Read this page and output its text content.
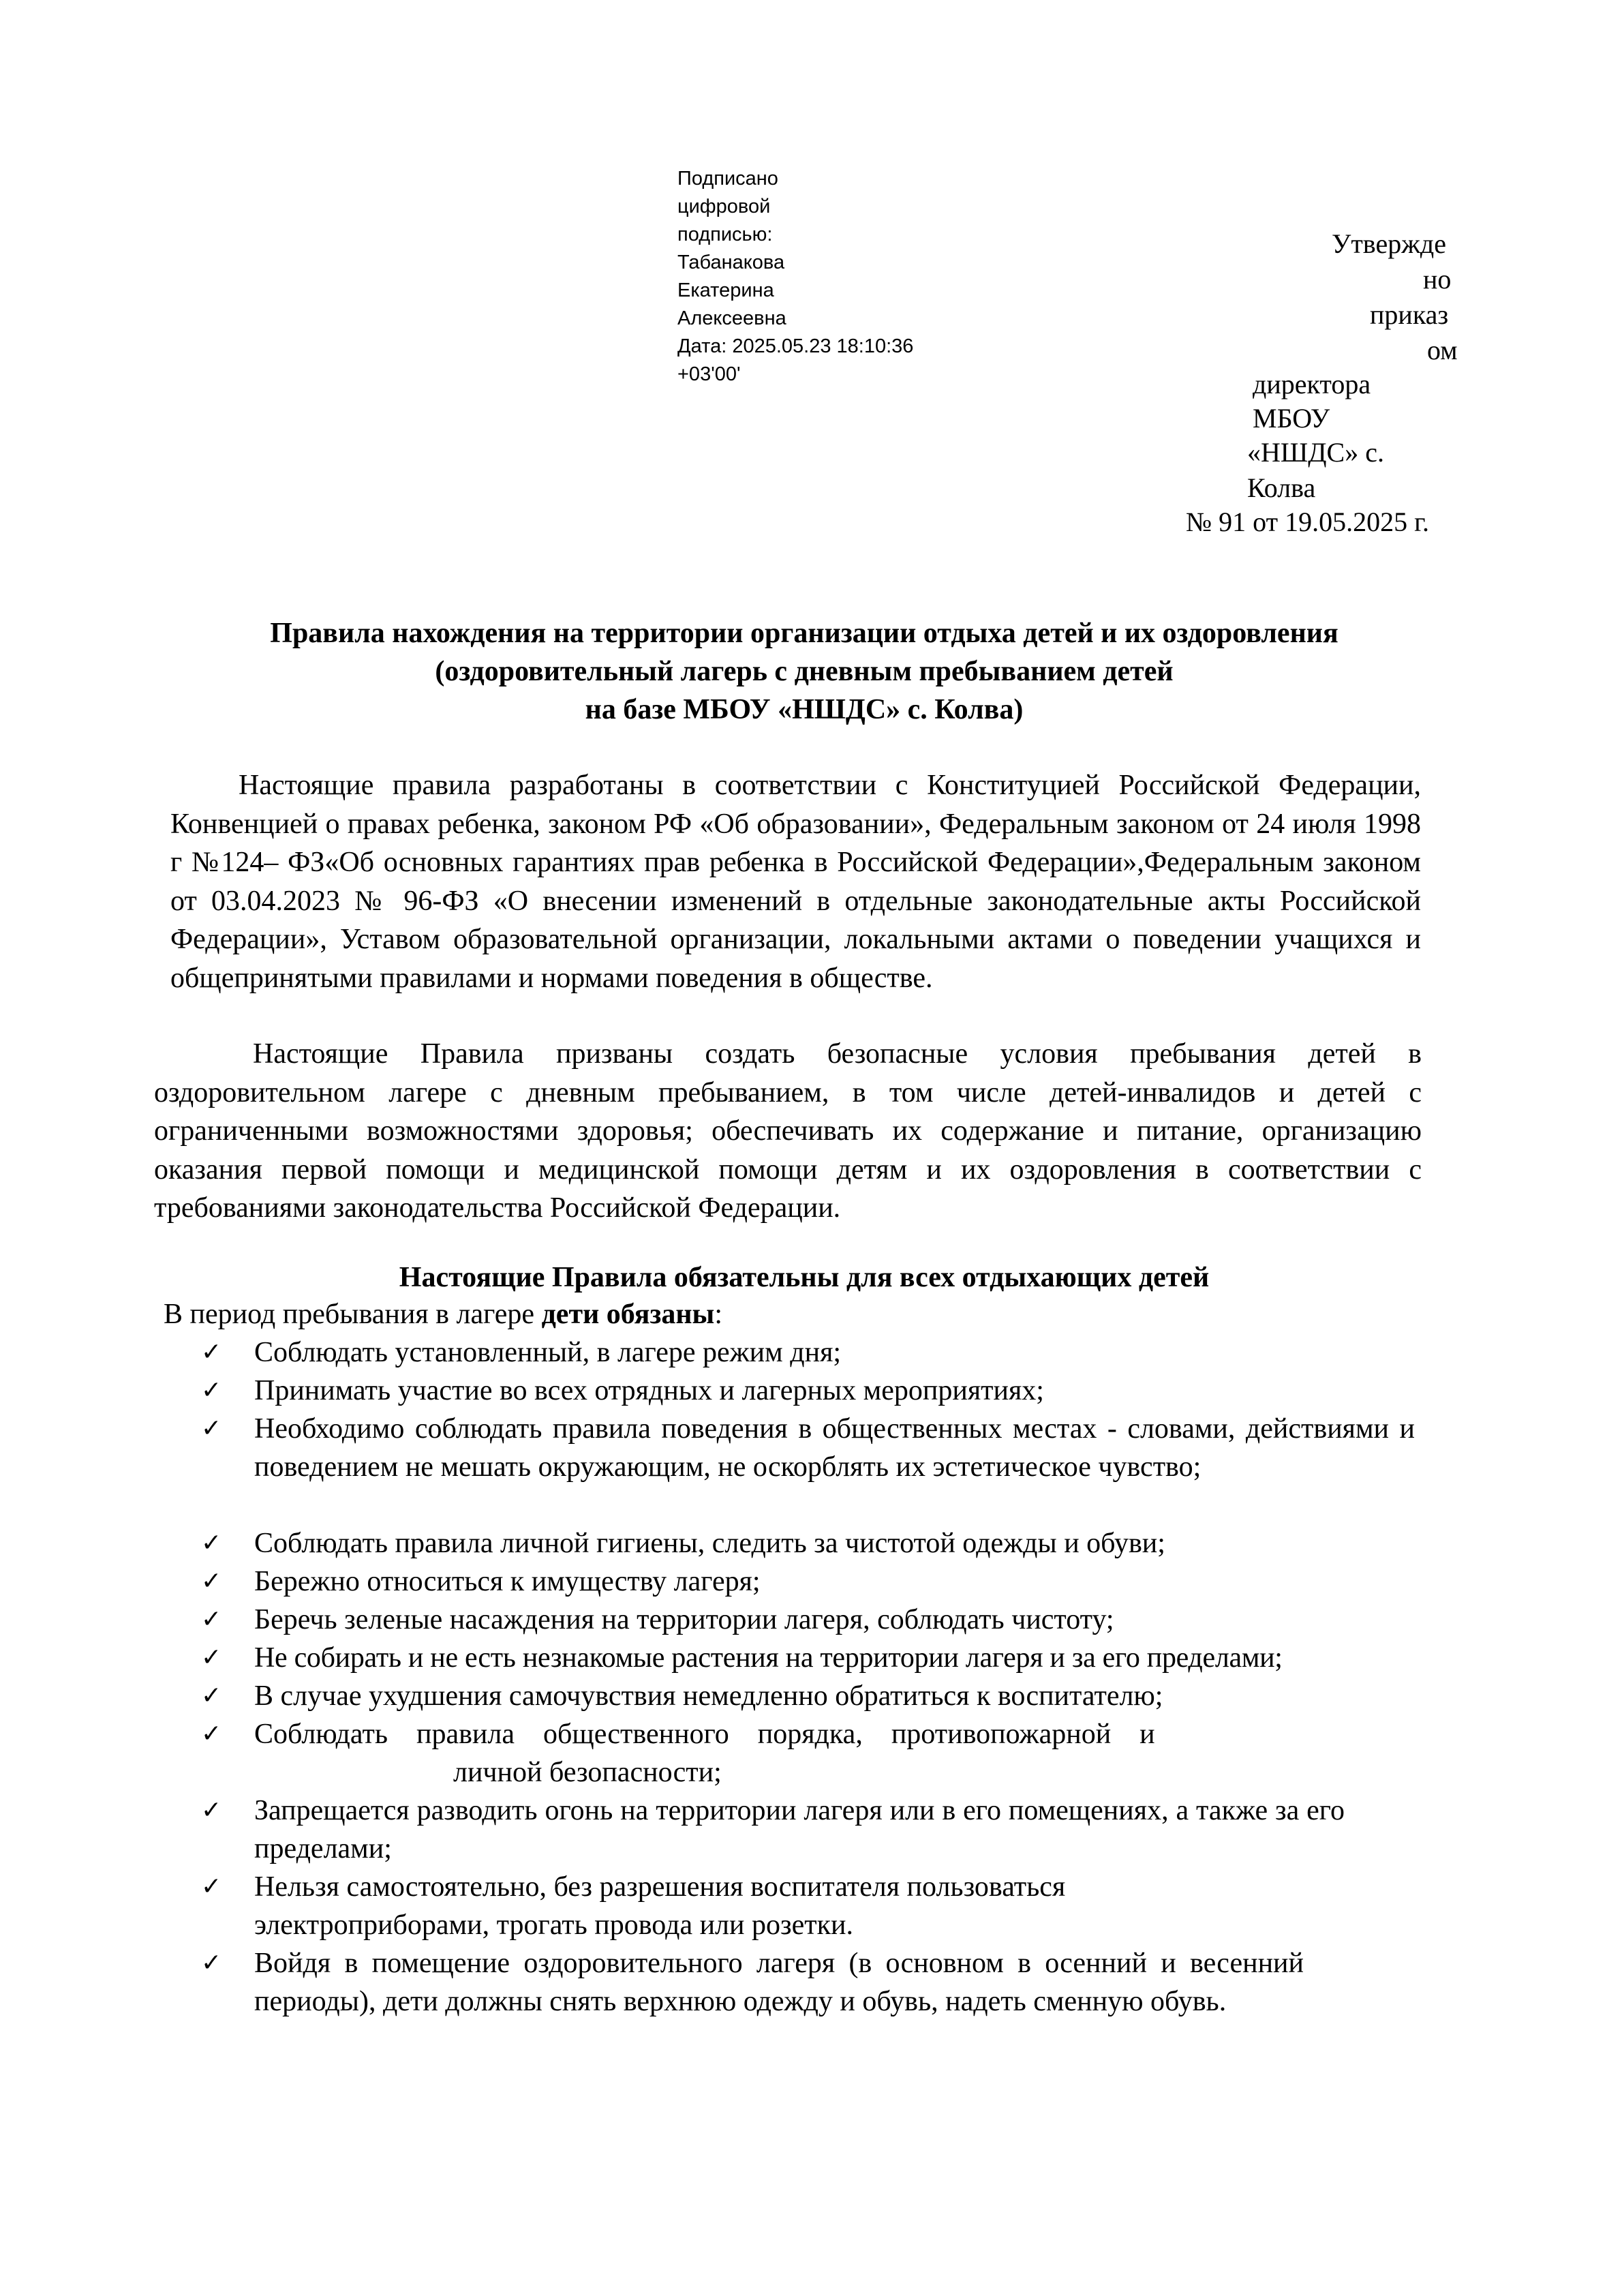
Подписано
цифровой
подписью:
Табанакова
Екатерина
Алексеевна
Дата: 2025.05.23 18:10:36
+03'00'
Утвержде
но
приказ
ом
директора
МБОУ
«НШДС» с.
Колва
№ 91 от 19.05.2025 г.
Правила нахождения на территории организации отдыха детей и их оздоровления
(оздоровительный лагерь с дневным пребыванием детей
на базе МБОУ «НШДС» с. Колва)
Настоящие правила разработаны в соответствии с Конституцией Российской Федерации, Конвенцией о правах ребенка, законом РФ «Об образовании», Федеральным законом от 24 июля 1998 г №124– ФЗ«Об основных гарантиях прав ребенка в Российской Федерации»,Федеральным законом от 03.04.2023 № 96-ФЗ «О внесении изменений в отдельные законодательные акты Российской Федерации», Уставом образовательной организации, локальными актами о поведении учащихся и общепринятыми правилами и нормами поведения в обществе.
Настоящие Правила призваны создать безопасные условия пребывания детей в оздоровительном лагере с дневным пребыванием, в том числе детей-инвалидов и детей с ограниченными возможностями здоровья; обеспечивать их содержание и питание, организацию оказания первой помощи и медицинской помощи детям и их оздоровления в соответствии с требованиями законодательства Российской Федерации.
Настоящие Правила обязательны для всех отдыхающих детей
В период пребывания в лагере дети обязаны:
✓ Соблюдать установленный, в лагере режим дня;
✓ Принимать участие во всех отрядных и лагерных мероприятиях;
✓ Необходимо соблюдать правила поведения в общественных местах - словами, действиями и поведением не мешать окружающим, не оскорблять их эстетическое чувство;
✓ Соблюдать правила личной гигиены, следить за чистотой одежды и обуви;
✓ Бережно относиться к имуществу лагеря;
✓ Беречь зеленые насаждения на территории лагеря, соблюдать чистоту;
✓ Не собирать и не есть незнакомые растения на территории лагеря и за его пределами;
✓ В случае ухудшения самочувствия немедленно обратиться к воспитателю;
✓ Соблюдать    правила    общественного    порядка,    противопожарной    и
личной безопасности;
✓ Запрещается разводить огонь на территории лагеря или в его помещениях, а также за его пределами;
✓ Нельзя самостоятельно, без разрешения воспитателя пользоваться электроприборами, трогать провода или розетки.
✓ Войдя в помещение оздоровительного лагеря (в основном в осенний и весенний периоды), дети должны снять верхнюю одежду и обувь, надеть сменную обувь.
